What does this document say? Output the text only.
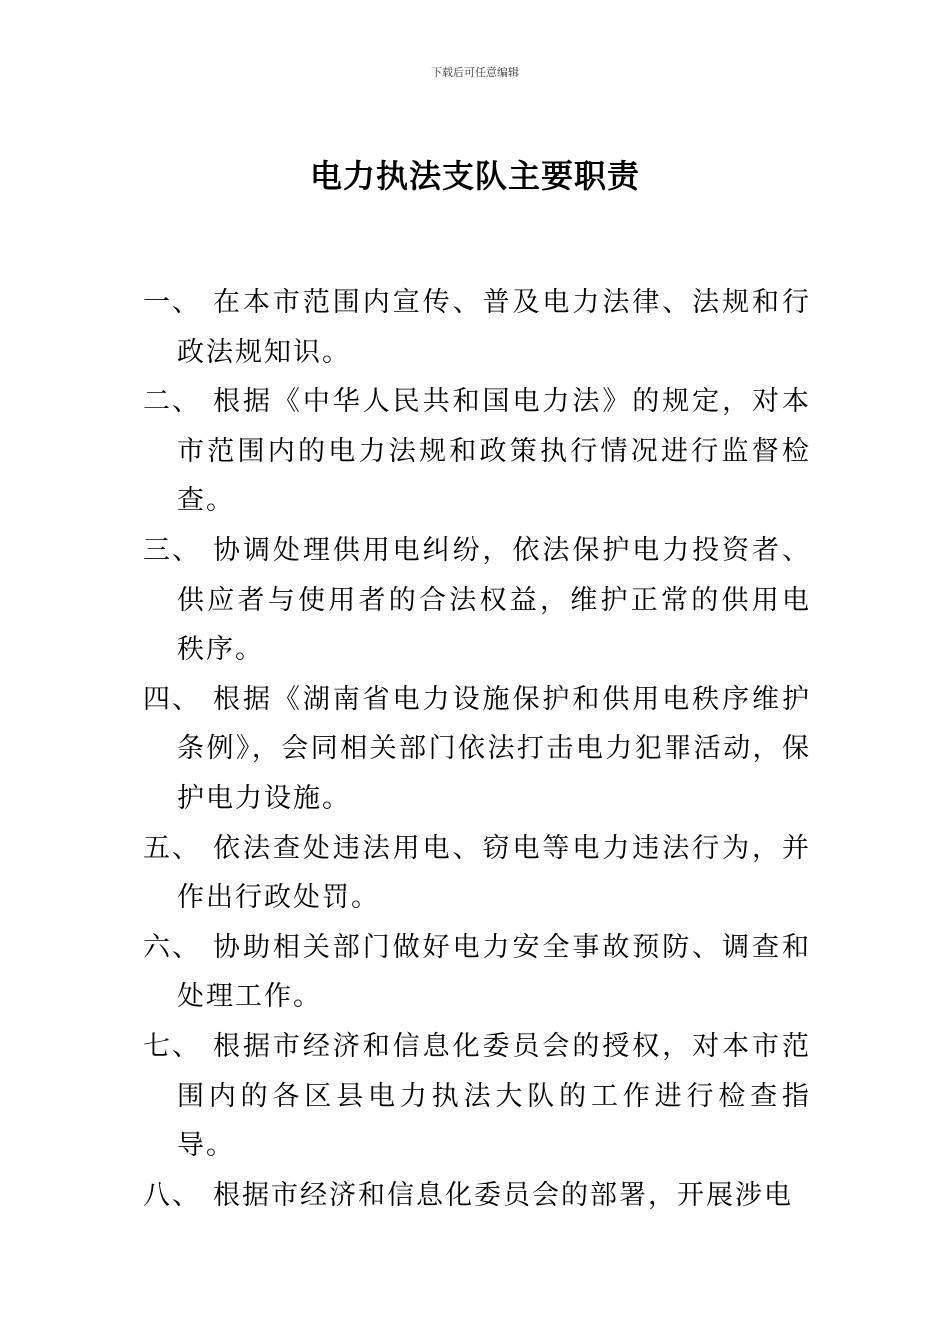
下载后可任意编辑
电力执法支队主要职责
一、 在本市范围内宣传、普及电力法律、法规和行政法规知识。
二、 根据《中华人民共和国电力法》的规定，对本市范围内的电力法规和政策执行情况进行监督检查。
三、 协调处理供用电纠纷，依法保护电力投资者、供应者与使用者的合法权益，维护正常的供用电秩序。
四、 根据《湖南省电力设施保护和供用电秩序维护条例》，会同相关部门依法打击电力犯罪活动，保护电力设施。
五、 依法查处违法用电、窃电等电力违法行为，并作出行政处罚。
六、 协助相关部门做好电力安全事故预防、调查和处理工作。
七、 根据市经济和信息化委员会的授权，对本市范围内的各区县电力执法大队的工作进行检查指导。
八、 根据市经济和信息化委员会的部署，开展涉电
